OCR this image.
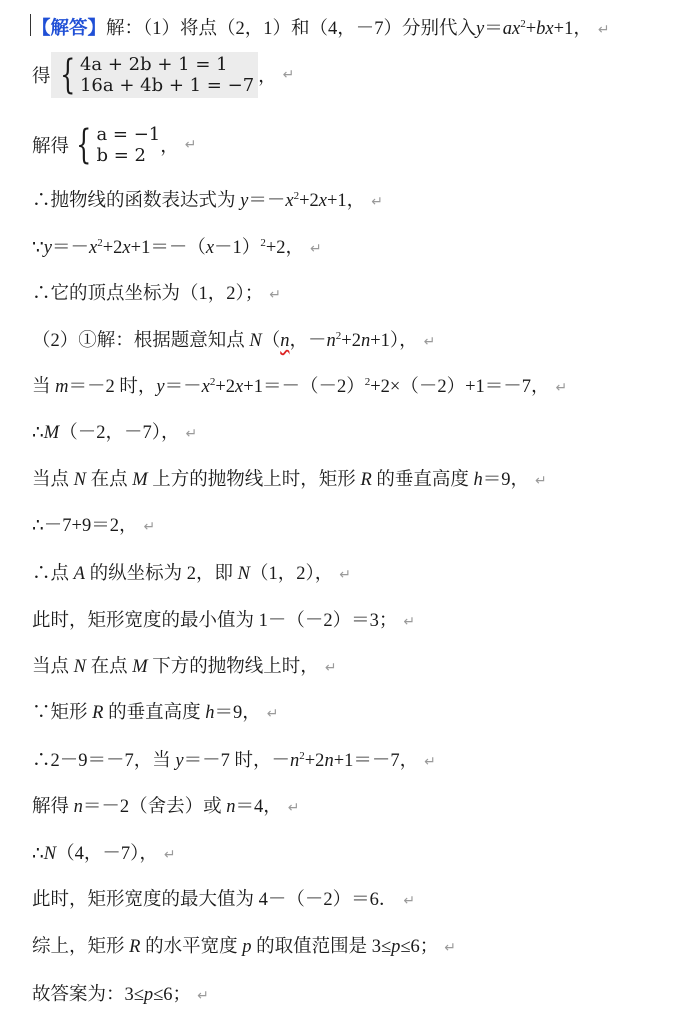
【解答】解：（1）将点（2，1）和（4，－7）分别代入$y=ax^2+bx+1$， ↵
得 { 4a + 2b + 1 = 1
16a + 4b + 1 = −7 ， ↵
解得 { a = −1
b = 2 ， ↵
∴抛物线的函数表达式为 $y=-x^2+2x+1$， ↵
$\because y=-x^2+2x+1=-(x-1)^2+2$， ↵
∴它的顶点坐标为（1，2）； ↵
（2）①解：根据题意知点 N（n，$-n^2+2n+1$）， ↵
当 m＝－2 时，$y=-x^2+2x+1=-(-2)^2+2\times(-2)+1=-7$， ↵
∴M（－2，－7）， ↵
当点 N 在点 M 上方的抛物线上时，矩形 R 的垂直高度 h＝9， ↵
∴－7+9＝2， ↵
∴点 A 的纵坐标为 2，即 N（1，2）， ↵
此时，矩形宽度的最小值为 1－（－2）＝3； ↵
当点 N 在点 M 下方的抛物线上时， ↵
∵矩形 R 的垂直高度 h＝9， ↵
∴2－9＝－7，当 y＝－7 时，$-n^2+2n+1=-7$， ↵
解得 n＝－2（舍去）或 n＝4， ↵
∴N（4，－7）， ↵
此时，矩形宽度的最大值为 4－（－2）＝6． ↵
综上，矩形 R 的水平宽度 p 的取值范围是 3≤p≤6； ↵
故答案为：3≤p≤6； ↵
